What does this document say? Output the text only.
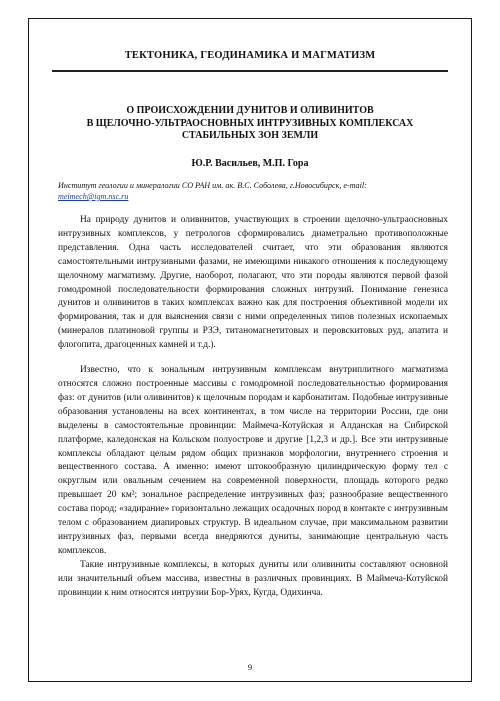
ТЕКТОНИКА, ГЕОДИНАМИКА И МАГМАТИЗМ
О ПРОИСХОЖДЕНИИ ДУНИТОВ И ОЛИВИНИТОВ
В ЩЕЛОЧНО-УЛЬТРАОСНОВНЫХ ИНТРУЗИВНЫХ КОМПЛЕКСАХ
СТАБИЛЬНЫХ ЗОН ЗЕМЛИ
Ю.Р. Васильев, М.П. Гора
Институт геологии и минералогии СО РАН им. ак. В.С. Соболева, г.Новосибирск, e-mail:
meimech@igm.nsc.ru

На природу дунитов и оливинитов, участвующих в строении щелочно-ультраосновных интрузивных комплексов, у петрологов сформировались диаметрально противоположные представления. Одна часть исследователей считает, что эти образования являются самостоятельными интрузивными фазами, не имеющими никакого отношения к последующему щелочному магматизму. Другие, наоборот, полагают, что эти породы являются первой фазой гомодромной последовательности формирования сложных интрузий. Понимание генезиса дунитов и оливинитов в таких комплексах важно как для построения объективной модели их формирования, так и для выяснения связи с ними определенных типов полезных ископаемых (минералов платиновой группы и РЗЭ, титаномагнетитовых и перовскитовых руд, апатита и флогопита, драгоценных камней и т.д.).

Известно, что к зональным интрузивным комплексам внутриплитного магматизма относятся сложно построенные массивы с гомодромной последовательностью формирования фаз: от дунитов (или оливинитов) к щелочным породам и карбонатитам. Подобные интрузивные образования установлены на всех континентах, в том числе на территории России, где они выделены в самостоятельные провинции: Маймеча-Котуйская и Алданская на Сибирской платформе, каледонская на Кольском полуострове и другие [1,2,3 и др.]. Все эти интрузивные комплексы обладают целым рядом общих признаков морфологии, внутреннего строения и вещественного состава. А именно: имеют штокообразную цилиндрическую форму тел с округлым или овальным сечением на современной поверхности, площадь которого редко превышает 20 км²; зональное распределение интрузивных фаз; разнообразие вещественного состава пород; «задирание» горизонтально лежащих осадочных пород в контакте с интрузивным телом с образованием диапировых структур. В идеальном случае, при максимальном развитии интрузивных фаз, первыми всегда внедряются дуниты, занимающие центральную часть комплексов.

Такие интрузивные комплексы, в которых дуниты или оливиниты составляют основной или значительный объем массива, известны в различных провинциях. В Маймеча-Котуйской провинции к ним относятся интрузии Бор-Урях, Кугда, Одихинча.

9
